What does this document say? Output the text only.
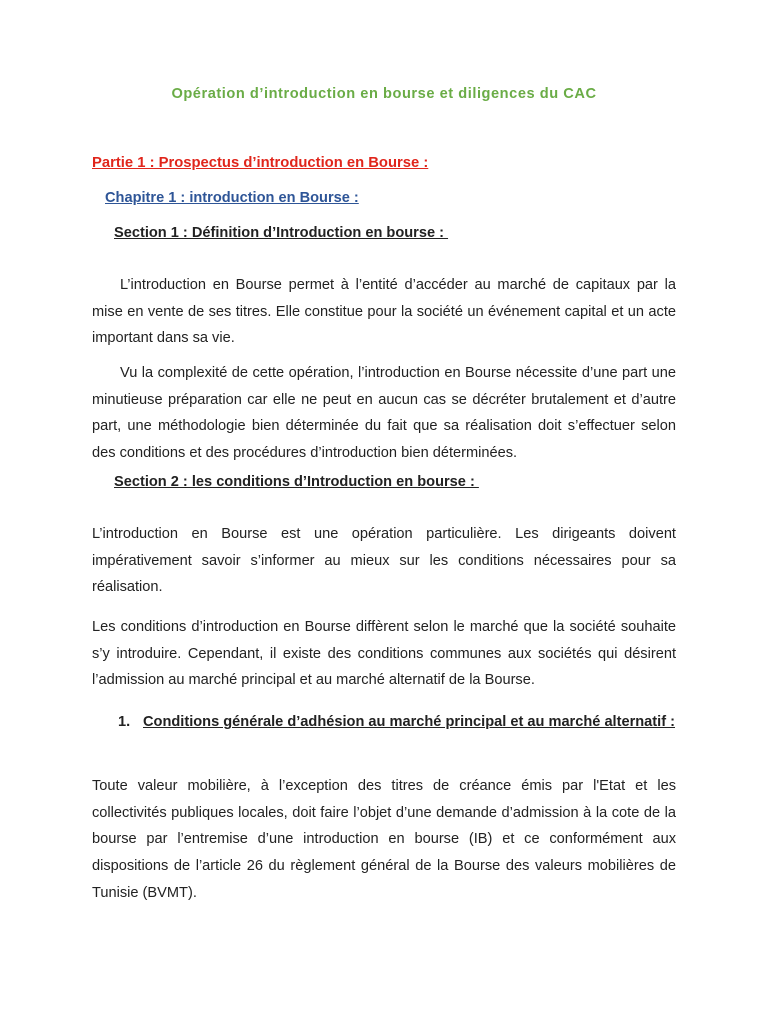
Opération d’introduction en bourse et diligences du CAC
Partie 1 : Prospectus d’introduction en Bourse :
Chapitre 1 : introduction en Bourse :
Section 1 : Définition d’Introduction en bourse :

L’introduction en Bourse permet à l’entité d’accéder au marché de capitaux par la mise en vente de ses titres. Elle constitue pour la société un événement capital et un acte important dans sa vie.

Vu la complexité de cette opération, l’introduction en Bourse nécessite d’une part une minutieuse préparation car elle ne peut en aucun cas se décréter brutalement et d’autre part, une méthodologie bien déterminée du fait que sa réalisation doit s’effectuer selon des conditions et des procédures d’introduction bien déterminées.

Section 2 : les conditions d’Introduction en bourse :

L’introduction en Bourse est une opération particulière. Les dirigeants doivent impérativement savoir s’informer au mieux sur les conditions nécessaires pour sa réalisation.

Les conditions d’introduction en Bourse diffèrent selon le marché que la société souhaite s’y introduire. Cependant, il existe des conditions communes aux sociétés qui désirent l’admission au marché principal et au marché alternatif de la Bourse.

1. Conditions générale d’adhésion au marché principal et au marché alternatif :

Toute valeur mobilière, à l’exception des titres de créance émis par l'Etat et les collectivités publiques locales, doit faire l’objet d’une demande d’admission à la cote de la bourse par l’entremise d’une introduction en bourse (IB) et ce conformément aux dispositions de l’article 26 du règlement général de la Bourse des valeurs mobilières de Tunisie (BVMT).
